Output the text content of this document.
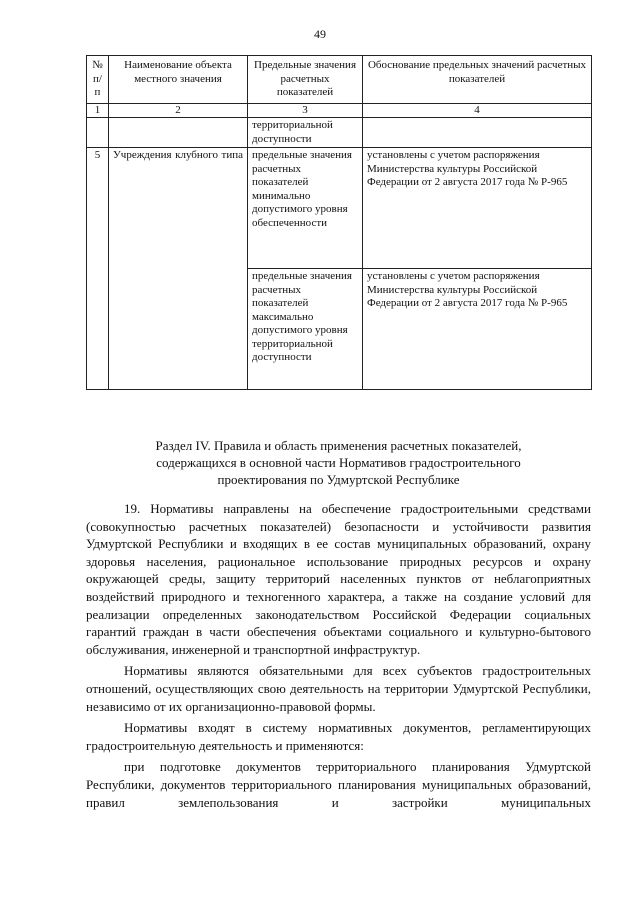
49
№ п/п	Наименование объекта местного значения	Предельные значения расчетных показателей	Обоснование предельных значений расчетных показателей
1	2	3	4
		территориальной доступности	
5	Учреждения клубного типа	предельные значения расчетных показателей минимально допустимого уровня обеспеченности	установлены с учетом распоряжения Министерства культуры Российской Федерации от 2 августа 2017 года № Р-965
		предельные значения расчетных показателей максимально допустимого уровня территориальной доступности	установлены с учетом распоряжения Министерства культуры Российской Федерации от 2 августа 2017 года № Р-965
Раздел IV. Правила и область применения расчетных показателей,
содержащихся в основной части Нормативов градостроительного
проектирования по Удмуртской Республике

19. Нормативы направлены на обеспечение градостроительными средствами (совокупностью расчетных показателей) безопасности и устойчивости развития Удмуртской Республики и входящих в ее состав муниципальных образований, охрану здоровья населения, рациональное использование природных ресурсов и охрану окружающей среды, защиту территорий населенных пунктов от неблагоприятных воздействий природного и техногенного характера, а также на создание условий для реализации определенных законодательством Российской Федерации социальных гарантий граждан в части обеспечения объектами социального и культурно-бытового обслуживания, инженерной и транспортной инфраструктур.

Нормативы являются обязательными для всех субъектов градостроительных отношений, осуществляющих свою деятельность на территории Удмуртской Республики, независимо от их организационно-правовой формы.

Нормативы входят в систему нормативных документов, регламентирующих градостроительную деятельность и применяются:

при подготовке документов территориального планирования Удмуртской Республики, документов территориального планирования муниципальных образований, правил землепользования и застройки муниципальных
